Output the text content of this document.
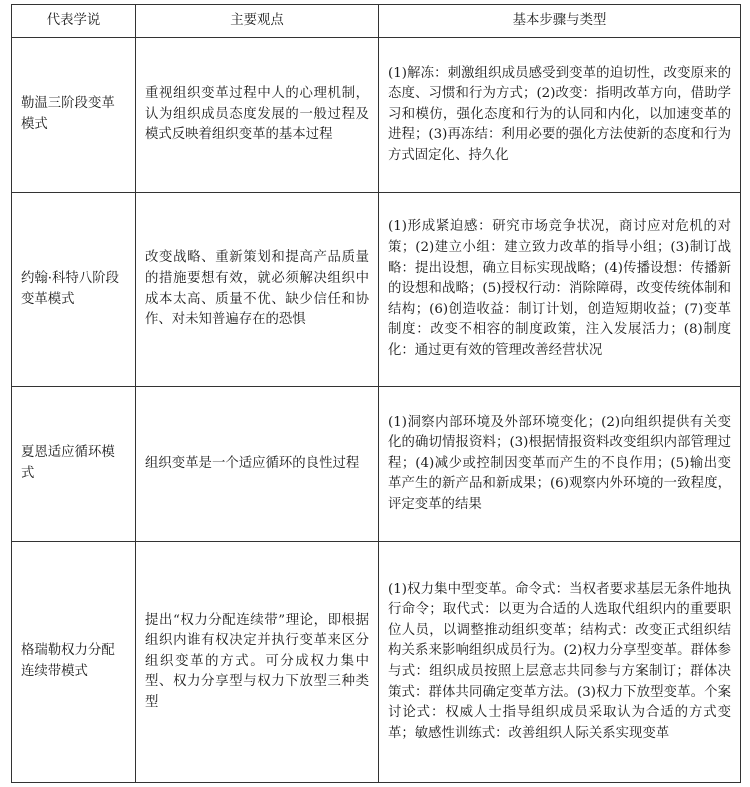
代表学说	主要观点	基本步骤与类型
勒温三阶段变革模式	重视组织变革过程中人的心理机制，认为组织成员态度发展的一般过程及模式反映着组织变革的基本过程	(1)解冻：刺激组织成员感受到变革的迫切性，改变原来的态度、习惯和行为方式；(2)改变：指明改革方向，借助学习和模仿，强化态度和行为的认同和内化，以加速变革的进程；(3)再冻结：利用必要的强化方法使新的态度和行为方式固定化、持久化
约翰·科特八阶段变革模式	改变战略、重新策划和提高产品质量的措施要想有效，就必须解决组织中成本太高、质量不优、缺少信任和协作、对未知普遍存在的恐惧	(1)形成紧迫感：研究市场竞争状况，商讨应对危机的对策；(2)建立小组：建立致力改革的指导小组；(3)制订战略：提出设想，确立目标实现战略；(4)传播设想：传播新的设想和战略；(5)授权行动：消除障碍，改变传统体制和结构；(6)创造收益：制订计划，创造短期收益；(7)变革制度：改变不相容的制度政策，注入发展活力；(8)制度化：通过更有效的管理改善经营状况
夏恩适应循环模式	组织变革是一个适应循环的良性过程	(1)洞察内部环境及外部环境变化；(2)向组织提供有关变化的确切情报资料；(3)根据情报资料改变组织内部管理过程；(4)减少或控制因变革而产生的不良作用；(5)输出变革产生的新产品和新成果；(6)观察内外环境的一致程度，评定变革的结果
格瑞勒权力分配连续带模式	提出“权力分配连续带”理论，即根据组织内谁有权决定并执行变革来区分组织变革的方式。可分成权力集中型、权力分享型与权力下放型三种类型	(1)权力集中型变革。命令式：当权者要求基层无条件地执行命令；取代式：以更为合适的人选取代组织内的重要职位人员，以调整推动组织变革；结构式：改变正式组织结构关系来影响组织成员行为。(2)权力分享型变革。群体参与式：组织成员按照上层意志共同参与方案制订；群体决策式：群体共同确定变革方法。(3)权力下放型变革。个案讨论式：权威人士指导组织成员采取认为合适的方式变革；敏感性训练式：改善组织人际关系实现变革
